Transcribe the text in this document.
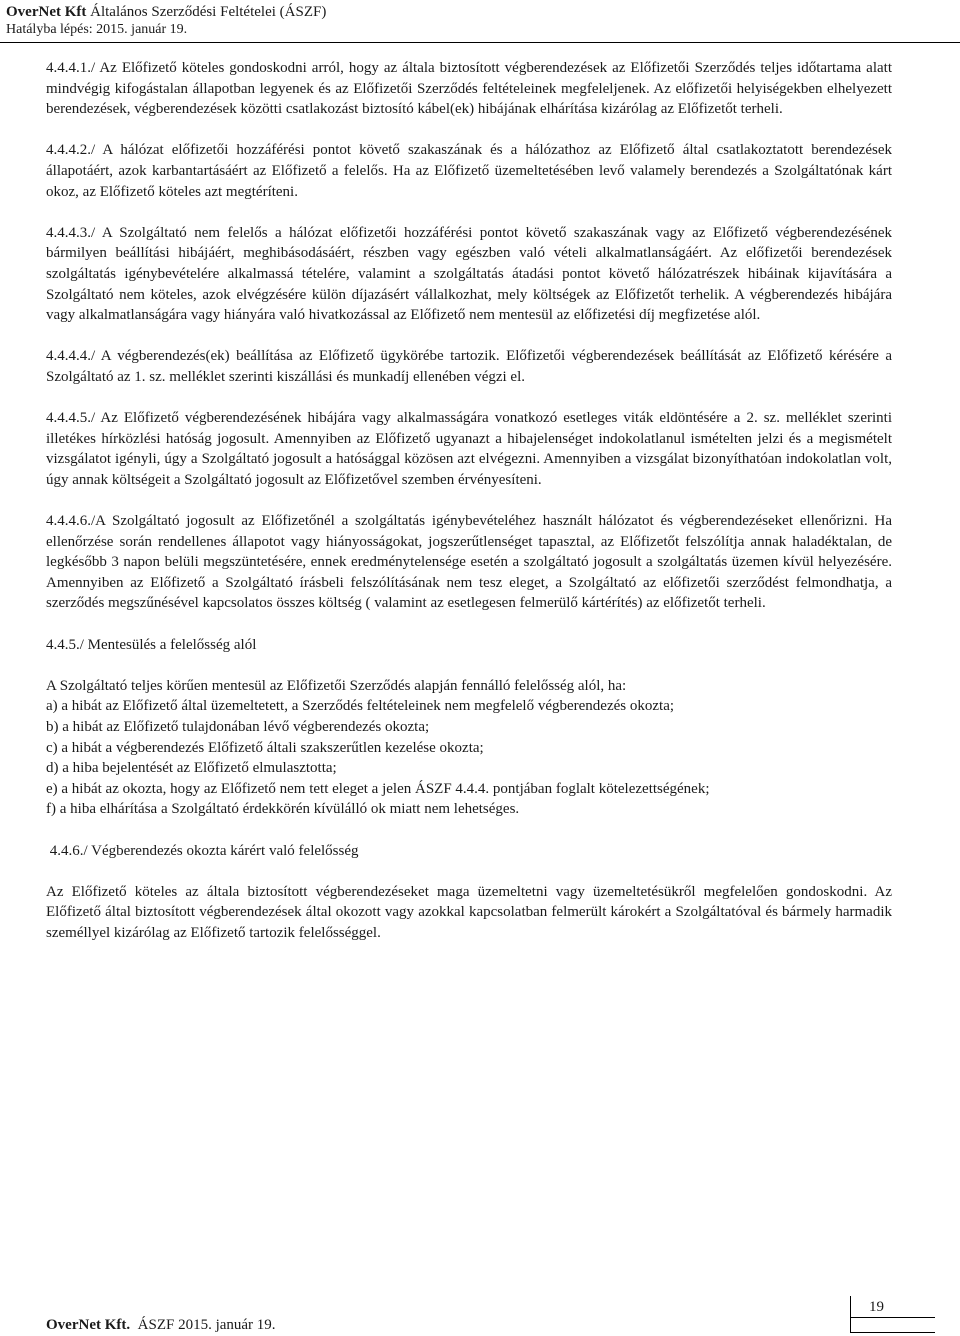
OverNet Kft Általános Szerződési Feltételei (ÁSZF)
Hatályba lépés: 2015. január 19.

4.4.4.1./ Az Előfizető köteles gondoskodni arról, hogy az általa biztosított végberendezések az Előfizetői Szerződés teljes időtartama alatt mindvégig kifogástalan állapotban legyenek és az Előfizetői Szerződés feltételeinek megfeleljenek. Az előfizetői helyiségekben elhelyezett berendezések, végberendezések közötti csatlakozást biztosító kábel(ek) hibájának elhárítása kizárólag az Előfizetőt terheli.

4.4.4.2./ A hálózat előfizetői hozzáférési pontot követő szakaszának és a hálózathoz az Előfizető által csatlakoztatott berendezések állapotáért, azok karbantartásáért az Előfizető a felelős. Ha az Előfizető üzemeltetésében levő valamely berendezés a Szolgáltatónak kárt okoz, az Előfizető köteles azt megtéríteni.

4.4.4.3./ A Szolgáltató nem felelős a hálózat előfizetői hozzáférési pontot követő szakaszának vagy az Előfizető végberendezésének bármilyen beállítási hibájáért, meghibásodásáért, részben vagy egészben való vételi alkalmatlanságáért. Az előfizetői berendezések szolgáltatás igénybevételére alkalmassá tételére, valamint a szolgáltatás átadási pontot követő hálózatrészek hibáinak kijavítására a Szolgáltató nem köteles, azok elvégzésére külön díjazásért vállalkozhat, mely költségek az Előfizetőt terhelik. A végberendezés hibájára vagy alkalmatlanságára vagy hiányára való hivatkozással az Előfizető nem mentesül az előfizetési díj megfizetése alól.

4.4.4.4./ A végberendezés(ek) beállítása az Előfizető ügykörébe tartozik. Előfizetői végberendezések beállítását az Előfizető kérésére a Szolgáltató az 1. sz. melléklet szerinti kiszállási és munkadíj ellenében végzi el.

4.4.4.5./ Az Előfizető végberendezésének hibájára vagy alkalmasságára vonatkozó esetleges viták eldöntésére a 2. sz. melléklet szerinti illetékes hírközlési hatóság jogosult. Amennyiben az Előfizető ugyanazt a hibajelenséget indokolatlanul ismételten jelzi és a megismételt vizsgálatot igényli, úgy a Szolgáltató jogosult a hatósággal közösen azt elvégezni. Amennyiben a vizsgálat bizonyíthatóan indokolatlan volt, úgy annak költségeit a Szolgáltató jogosult az Előfizetővel szemben érvényesíteni.

4.4.4.6./A Szolgáltató jogosult az Előfizetőnél a szolgáltatás igénybevételéhez használt hálózatot és végberendezéseket ellenőrizni. Ha ellenőrzése során rendellenes állapotot vagy hiányosságokat, jogszerűtlenséget tapasztal, az Előfizetőt felszólítja annak haladéktalan, de legkésőbb 3 napon belüli megszüntetésére, ennek eredménytelensége esetén a szolgáltató jogosult a szolgáltatás üzemen kívül helyezésére. Amennyiben az Előfizető a Szolgáltató írásbeli felszólításának nem tesz eleget, a Szolgáltató az előfizetői szerződést felmondhatja, a szerződés megszűnésével kapcsolatos összes költség ( valamint az esetlegesen felmerülő kártérítés) az előfizetőt terheli.

4.4.5./ Mentesülés a felelősség alól

A Szolgáltató teljes körűen mentesül az Előfizetői Szerződés alapján fennálló felelősség alól, ha:

a) a hibát az Előfizető által üzemeltetett, a Szerződés feltételeinek nem megfelelő végberendezés okozta;

b) a hibát az Előfizető tulajdonában lévő végberendezés okozta;

c) a hibát a végberendezés Előfizető általi szakszerűtlen kezelése okozta;

d) a hiba bejelentését az Előfizető elmulasztotta;

e) a hibát az okozta, hogy az Előfizető nem tett eleget a jelen ÁSZF 4.4.4. pontjában foglalt kötelezettségének;

f) a hiba elhárítása a Szolgáltató érdekkörén kívülálló ok miatt nem lehetséges.

4.4.6./ Végberendezés okozta kárért való felelősség

Az Előfizető köteles az általa biztosított végberendezéseket maga üzemeltetni vagy üzemeltetésükről megfelelően gondoskodni. Az Előfizető által biztosított végberendezések által okozott vagy azokkal kapcsolatban felmerült károkért a Szolgáltatóval és bármely harmadik személlyel kizárólag az Előfizető tartozik felelősséggel.

OverNet Kft.  ÁSZF 2015. január 19.
19
